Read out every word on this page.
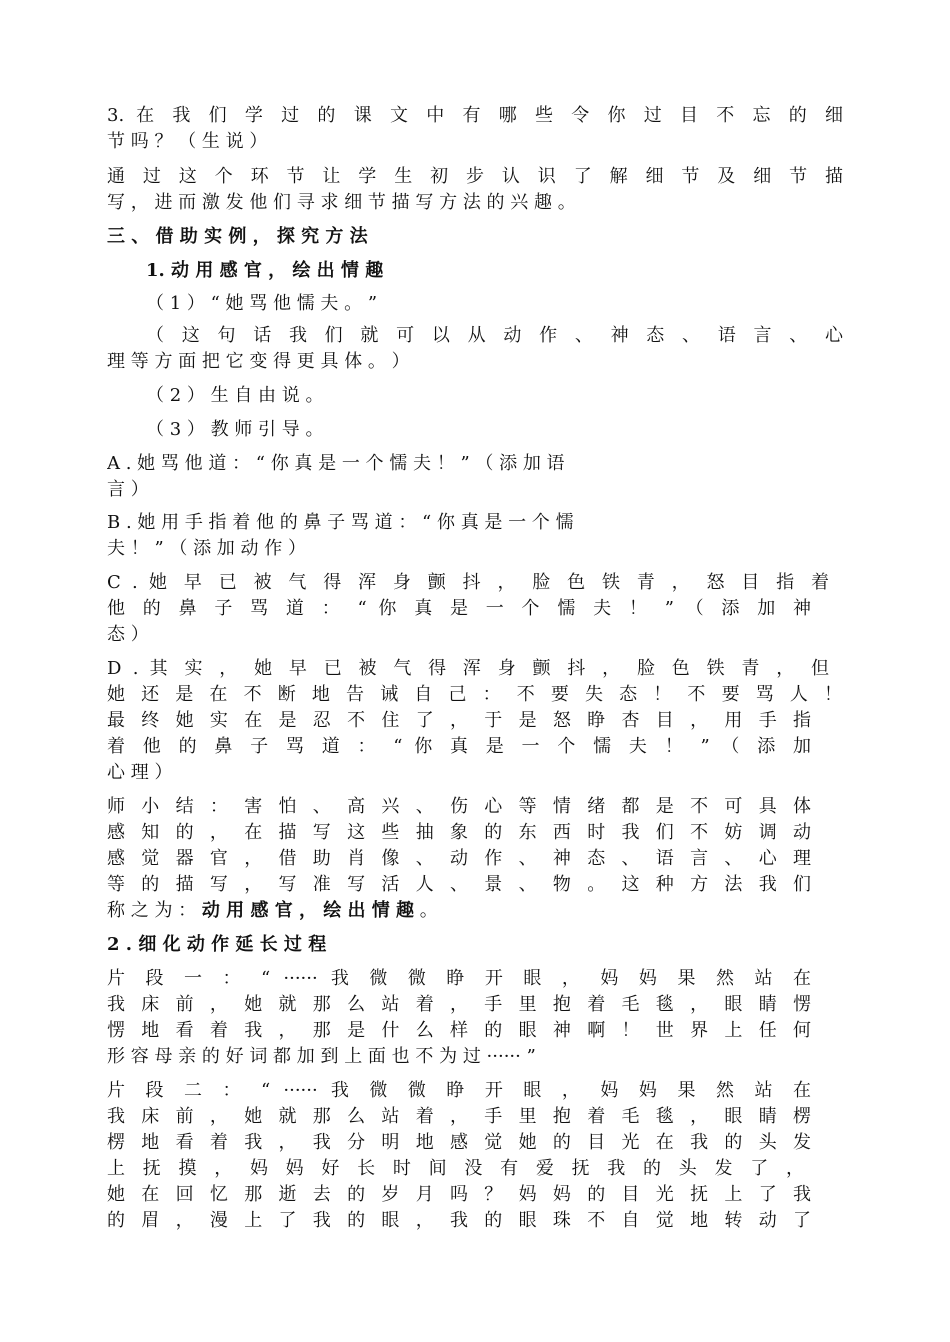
3. 在 我 们 学 过 的 课 文 中 有 哪 些 令 你 过 目 不 忘 的 细
节 吗 ？ （ 生 说 ）
通 过 这 个 环 节 让 学 生 初 步 认 识 了 解 细 节 及 细 节 描
写 ， 进 而 激 发 他 们 寻 求 细 节 描 写 方 法 的 兴 趣 。
三 、 借 助 实 例 ， 探 究 方 法
1. 动 用 感 官 ， 绘 出 情 趣
（ 1 ） “ 她 骂 他 懦 夫 。 ”
（ 这 句 话 我 们 就 可 以 从 动 作 、 神 态 、 语 言 、 心
理 等 方 面 把 它 变 得 更 具 体 。 ）
（ 2 ） 生 自 由 说 。
（ 3 ） 教 师 引 导 。
A . 她 骂 他 道 ： “ 你 真 是 一 个 懦 夫 ！ ” （ 添 加 语
言 ）
B . 她 用 手 指 着 他 的 鼻 子 骂 道 ： “ 你 真 是 一 个 懦
夫 ！ ” （ 添 加 动 作 ）
C . 她 早 已 被 气 得 浑 身 颤 抖 ， 脸 色 铁 青 ， 怒 目 指 着
他 的 鼻 子 骂 道 ： “ 你 真 是 一 个 懦 夫 ！ ” （ 添 加 神
态 ）
D . 其 实 ， 她 早 已 被 气 得 浑 身 颤 抖 ， 脸 色 铁 青 ， 但
她 还 是 在 不 断 地 告 诫 自 己 ： 不 要 失 态 ！ 不 要 骂 人 ！
最 终 她 实 在 是 忍 不 住 了 ， 于 是 怒 睁 杏 目 ， 用 手 指
着 他 的 鼻 子 骂 道 ： “ 你 真 是 一 个 懦 夫 ！ ” （ 添 加
心 理 ）
师 小 结 ： 害 怕 、 高 兴 、 伤 心 等 情 绪 都 是 不 可 具 体
感 知 的 ， 在 描 写 这 些 抽 象 的 东 西 时 我 们 不 妨 调 动
感 觉 器 官 ， 借 助 肖 像 、 动 作 、 神 态 、 语 言 、 心 理
等 的 描 写 ， 写 准 写 活 人 、 景 、 物 。 这 种 方 法 我 们
称 之 为 ： 动 用 感 官 ， 绘 出 情 趣 。
2 . 细 化 动 作 延 长 过 程
片 段 一 ： “ ······ 我 微 微 睁 开 眼 ， 妈 妈 果 然 站 在
我 床 前 ， 她 就 那 么 站 着 ， 手 里 抱 着 毛 毯 ， 眼 睛 愣
愣 地 看 着 我 ， 那 是 什 么 样 的 眼 神 啊 ！ 世 界 上 任 何
形 容 母 亲 的 好 词 都 加 到 上 面 也 不 为 过 ······ ”
片 段 二 ： “ ······ 我 微 微 睁 开 眼 ， 妈 妈 果 然 站 在
我 床 前 ， 她 就 那 么 站 着 ， 手 里 抱 着 毛 毯 ， 眼 睛 楞
楞 地 看 着 我 ， 我 分 明 地 感 觉 她 的 目 光 在 我 的 头 发
上 抚 摸 ， 妈 妈 好 长 时 间 没 有 爱 抚 我 的 头 发 了 ，
她 在 回 忆 那 逝 去 的 岁 月 吗 ？ 妈 妈 的 目 光 抚 上 了 我
的 眉 ， 漫 上 了 我 的 眼 ， 我 的 眼 珠 不 自 觉 地 转 动 了
